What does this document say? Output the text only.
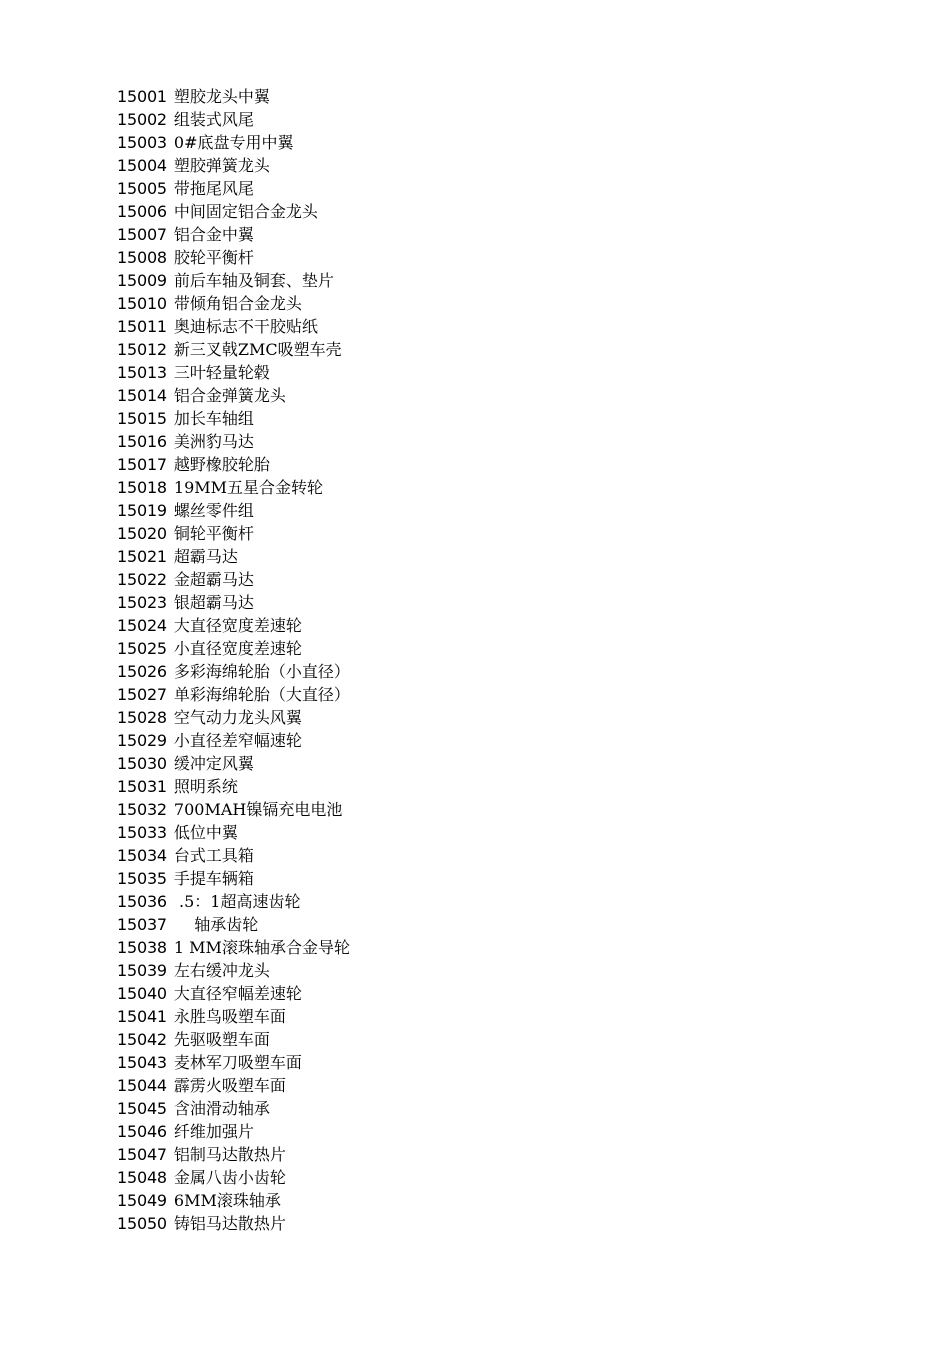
15001 塑胶龙头中翼
15002 组装式风尾
15003 0#底盘专用中翼
15004 塑胶弹簧龙头
15005 带拖尾风尾
15006 中间固定铝合金龙头
15007 铝合金中翼
15008 胶轮平衡杆
15009 前后车轴及铜套、垫片
15010 带倾角铝合金龙头
15011 奥迪标志不干胶贴纸
15012 新三叉戟ZMC吸塑车壳
15013 三叶轻量轮毂
15014 铝合金弹簧龙头
15015 加长车轴组
15016 美洲豹马达
15017 越野橡胶轮胎
15018 19MM五星合金转轮
15019 螺丝零件组
15020 铜轮平衡杆
15021 超霸马达
15022 金超霸马达
15023 银超霸马达
15024 大直径宽度差速轮
15025 小直径宽度差速轮
15026 多彩海绵轮胎（小直径）
15027 单彩海绵轮胎（大直径）
15028 空气动力龙头风翼
15029 小直径差窄幅速轮
15030 缓冲定风翼
15031 照明系统
15032 700MAH镍镉充电电池
15033 低位中翼
15034 台式工具箱
15035 手提车辆箱
15036 .5：1超高速齿轮
15037    轴承齿轮
15038 1 MM滚珠轴承合金导轮
15039 左右缓冲龙头
15040 大直径窄幅差速轮
15041 永胜鸟吸塑车面
15042 先驱吸塑车面
15043 麦林军刀吸塑车面
15044 霹雳火吸塑车面
15045 含油滑动轴承
15046 纤维加强片
15047 铝制马达散热片
15048 金属八齿小齿轮
15049 6MM滚珠轴承
15050 铸铝马达散热片
